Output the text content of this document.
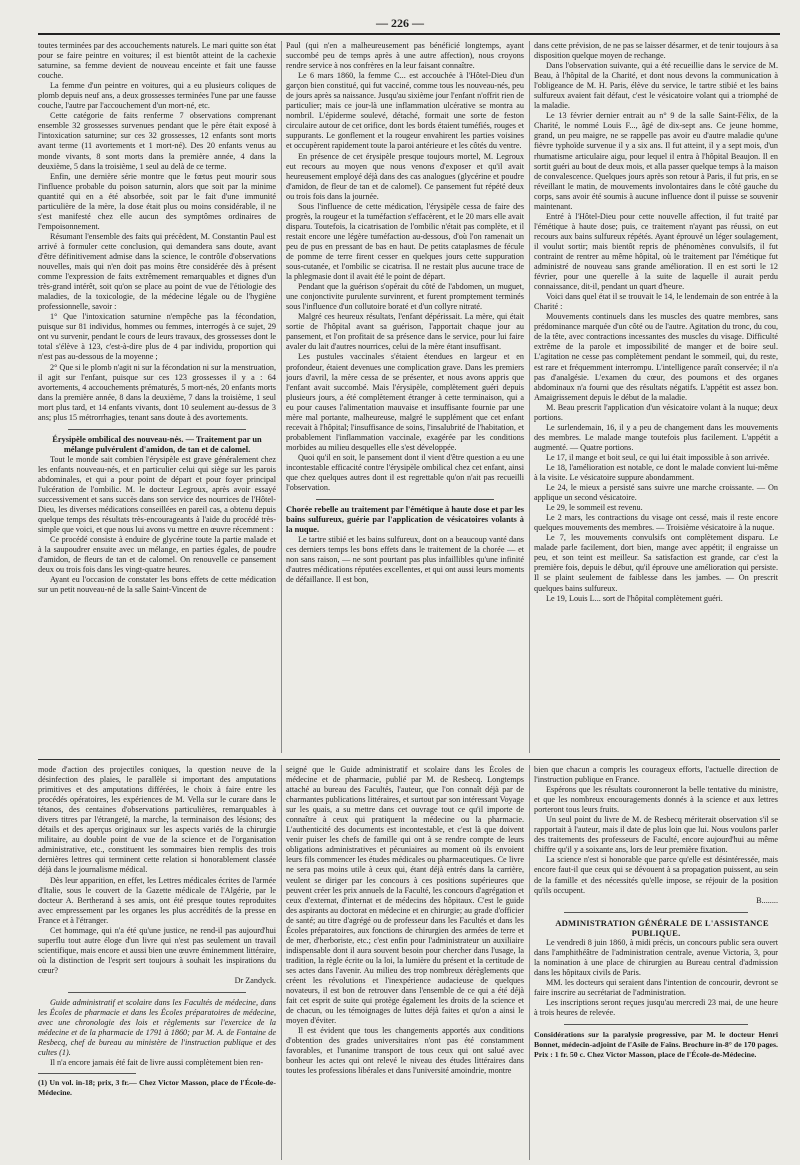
— 226 —

toutes terminées par des accouchements naturels. Le mari quitte son état pour se faire peintre en voitures; il est bientôt atteint de la cachexie saturnine, sa femme devient de nouveau enceinte et fait une fausse couche.

La femme d'un peintre en voitures, qui a eu plusieurs coliques de plomb depuis neuf ans, a deux grossesses terminées l'une par une fausse couche, l'autre par l'accouchement d'un mort-né, etc.

Cette catégorie de faits renferme 7 observations comprenant ensemble 32 grossesses survenues pendant que le père était exposé à l'intoxication saturnine; sur ces 32 grossesses, 12 enfants sont morts avant terme (11 avortements et 1 mort-né). Des 20 enfants venus au monde vivants, 8 sont morts dans la première année, 4 dans la deuxième, 5 dans la troisième, 1 seul au delà de ce terme.

Enfin, une dernière série montre que le fœtus peut mourir sous l'influence probable du poison saturnin, alors que soit par la minime quantité qui en a été absorbée, soit par le fait d'une immunité particulière de la mère, la dose était plus ou moins considérable, il ne s'est manifesté chez elle aucun des symptômes ordinaires de l'empoisonnement.

Résumant l'ensemble des faits qui précèdent, M. Constantin Paul est arrivé à formuler cette conclusion, qui demandera sans doute, avant d'être définitivement admise dans la science, le contrôle d'observations nouvelles, mais qui n'en doit pas moins être considérée dès à présent comme l'expression de faits extrêmement remarquables et dignes d'un très-grand intérêt, soit qu'on se place au point de vue de l'étiologie des maladies, de la toxicologie, de la médecine légale ou de l'hygiène professionnelle, savoir :

1° Que l'intoxication saturnine n'empêche pas la fécondation, puisque sur 81 individus, hommes ou femmes, interrogés à ce sujet, 29 ont vu survenir, pendant le cours de leurs travaux, des grossesses dont le total s'élève à 123, c'est-à-dire plus de 4 par individu, proportion qui n'est pas au-dessous de la moyenne ;

2° Que si le plomb n'agit ni sur la fécondation ni sur la menstruation, il agit sur l'enfant, puisque sur ces 123 grossesses il y a : 64 avortements, 4 accouchements prématurés, 5 mort-nés, 20 enfants morts dans la première année, 8 dans la deuxième, 7 dans la troisième, 1 seul mort plus tard, et 14 enfants vivants, dont 10 seulement au-dessus de 3 ans; plus 15 métrorrhagies, tenant sans doute à des avortements.

Érysipèle ombilical des nouveau-nés. — Traitement par un mélange pulvérulent d'amidon, de tan et de calomel.

Tout le monde sait combien l'érysipèle est grave généralement chez les enfants nouveau-nés, et en particulier celui qui siège sur les parois abdominales, et qui a pour point de départ et pour foyer principal l'ulcération de l'ombilic. M. le docteur Legroux, après avoir essayé successivement et sans succès dans son service des nourrices de l'Hôtel-Dieu, les diverses médications conseillées en pareil cas, a obtenu depuis quelque temps des résultats très-encourageants à l'aide du procédé très-simple que voici, et que nous lui avons vu mettre en œuvre récemment :

Ce procédé consiste à enduire de glycérine toute la partie malade et à la saupoudrer ensuite avec un mélange, en parties égales, de poudre d'amidon, de fleurs de tan et de calomel. On renouvelle ce pansement deux ou trois fois dans les vingt-quatre heures.

Ayant eu l'occasion de constater les bons effets de cette médication sur un petit nouveau-né de la salle Saint-Vincent de

Paul (qui n'en a malheureusement pas bénéficié longtemps, ayant succombé peu de temps après à une autre affection), nous croyons rendre service à nos confrères en la leur faisant connaître.

Le 6 mars 1860, la femme C... est accouchée à l'Hôtel-Dieu d'un garçon bien constitué, qui fut vacciné, comme tous les nouveau-nés, peu de jours après sa naissance. Jusqu'au sixième jour l'enfant n'offrit rien de particulier; mais ce jour-là une inflammation ulcérative se montra au nombril. L'épiderme soulevé, détaché, formait une sorte de feston circulaire autour de cet orifice, dont les bords étaient tuméfiés, rouges et suppurants. Le gonflement et la rougeur envahirent les parties voisines et occupèrent rapidement toute la paroi antérieure et les côtés du ventre.

En présence de cet érysipèle presque toujours mortel, M. Legroux eut recours au moyen que nous venons d'exposer et qu'il avait heureusement employé déjà dans des cas analogues (glycérine et poudre d'amidon, de fleur de tan et de calomel). Ce pansement fut répété deux ou trois fois dans la journée.

Sous l'influence de cette médication, l'érysipèle cessa de faire des progrès, la rougeur et la tuméfaction s'effacèrent, et le 20 mars elle avait disparu. Toutefois, la cicatrisation de l'ombilic n'était pas complète, et il restait encore une légère tuméfaction au-dessous, d'où l'on ramenait un peu de pus en pressant de bas en haut. De petits cataplasmes de fécule de pomme de terre firent cesser en quelques jours cette suppuration sous-cutanée, et l'ombilic se cicatrisa. Il ne restait plus aucune trace de la phlegmasie dont il avait été le point de départ.

Pendant que la guérison s'opérait du côté de l'abdomen, un muguet, une conjonctivite purulente survinrent, et furent promptement terminés sous l'influence d'un collutoire boraté et d'un collyre nitraté.

Malgré ces heureux résultats, l'enfant dépérissait. La mère, qui était sortie de l'hôpital avant sa guérison, l'apportait chaque jour au pansement, et l'on profitait de sa présence dans le service, pour lui faire avaler du lait d'autres nourrices, celui de la mère étant insuffisant.

Les pustules vaccinales s'étaient étendues en largeur et en profondeur, étaient devenues une complication grave. Dans les premiers jours d'avril, la mère cessa de se présenter, et nous avons appris que l'enfant avait succombé. Mais l'érysipèle, complètement guéri depuis plusieurs jours, a été complètement étranger à cette terminaison, qui a eu pour causes l'alimentation mauvaise et insuffisante fournie par une mère mal portante, malheureuse, malgré le supplément que cet enfant recevait à l'hôpital; l'insuffisance de soins, l'insalubrité de l'habitation, et probablement l'inflammation vaccinale, exagérée par les conditions morbides au milieu desquelles elle s'est développée.

Quoi qu'il en soit, le pansement dont il vient d'être question a eu une incontestable efficacité contre l'érysipèle ombilical chez cet enfant, ainsi que chez quelques autres dont il est regrettable qu'on n'ait pas recueilli l'observation.

Chorée rebelle au traitement par l'émétique à haute dose et par les bains sulfureux, guérie par l'application de vésicatoires volants à la nuque.

Le tartre stibié et les bains sulfureux, dont on a beaucoup vanté dans ces derniers temps les bons effets dans le traitement de la chorée — et non sans raison, — ne sont pourtant pas plus infaillibles qu'une infinité d'autres médications réputées excellentes, et qui ont aussi leurs moments de défaillance. Il est bon,

dans cette prévision, de ne pas se laisser désarmer, et de tenir toujours à sa disposition quelque moyen de rechange.

Dans l'observation suivante, qui a été recueillie dans le service de M. Beau, à l'hôpital de la Charité, et dont nous devons la communication à l'obligeance de M. H. Paris, élève du service, le tartre stibié et les bains sulfureux avaient fait défaut, c'est le vésicatoire volant qui a triomphé de la maladie.

Le 13 février dernier entrait au n° 9 de la salle Saint-Félix, de la Charité, le nommé Louis F..., âgé de dix-sept ans. Ce jeune homme, grand, un peu maigre, ne se rappelle pas avoir eu d'autre maladie qu'une fièvre typhoïde survenue il y a six ans. Il fut atteint, il y a sept mois, d'un rhumatisme articulaire aigu, pour lequel il entra à l'hôpital Beaujon. Il en sortit guéri au bout de deux mois, et alla passer quelque temps à la maison de convalescence. Quelques jours après son retour à Paris, il fut pris, en se réveillant le matin, de mouvements involontaires dans le côté gauche du corps, sans avoir été soumis à aucune influence dont il puisse se souvenir maintenant.

Entré à l'Hôtel-Dieu pour cette nouvelle affection, il fut traité par l'émétique à haute dose; puis, ce traitement n'ayant pas réussi, on eut recours aux bains sulfureux répétés. Ayant éprouvé un léger soulagement, il voulut sortir; mais bientôt repris de phénomènes convulsifs, il fut contraint de rentrer au même hôpital, où le traitement par l'émétique fut administré de nouveau sans grande amélioration. Il en est sorti le 12 février, pour une querelle à la suite de laquelle il aurait perdu connaissance, dit-il, pendant un quart d'heure.

Voici dans quel état il se trouvait le 14, le lendemain de son entrée à la Charité :

Mouvements continuels dans les muscles des quatre membres, sans prédominance marquée d'un côté ou de l'autre. Agitation du tronc, du cou, de la tête, avec contractions incessantes des muscles du visage. Difficulté extrême de la parole et impossibilité de manger et de boire seul. L'agitation ne cesse pas complètement pendant le sommeil, qui, du reste, est rare et fréquemment interrompu. L'intelligence paraît conservée; il n'a pas d'analgésie. L'examen du cœur, des poumons et des organes abdominaux n'a fourni que des résultats négatifs. L'appétit est assez bon. Amaigrissement depuis le début de la maladie.

M. Beau prescrit l'application d'un vésicatoire volant à la nuque; deux portions.

Le surlendemain, 16, il y a peu de changement dans les mouvements des membres. Le malade mange toutefois plus facilement. L'appétit a augmenté. — Quatre portions.

Le 17, il mange et boit seul, ce qui lui était impossible à son arrivée.

Le 18, l'amélioration est notable, ce dont le malade convient lui-même à la visite. Le vésicatoire suppure abondamment.

Le 24, le mieux a persisté sans suivre une marche croissante. — On applique un second vésicatoire.

Le 29, le sommeil est revenu.

Le 2 mars, les contractions du visage ont cessé, mais il reste encore quelques mouvements des membres. — Troisième vésicatoire à la nuque.

Le 7, les mouvements convulsifs ont complètement disparu. Le malade parle facilement, dort bien, mange avec appétit; il engraisse un peu, et son teint est meilleur. Sa satisfaction est grande, car c'est la première fois, depuis le début, qu'il éprouve une amélioration qui persiste. Il se plaint seulement de faiblesse dans les jambes. — On prescrit quelques bains sulfureux.

Le 19, Louis L... sort de l'hôpital complètement guéri.

mode d'action des projectiles coniques, la question neuve de la désinfection des plaies, le parallèle si important des amputations primitives et des amputations différées, le choix à faire entre les procédés opératoires, les expériences de M. Vella sur le curare dans le tétanos, des centaines d'observations particulières, remarquables à divers titres par l'étrangeté, la marche, la terminaison des lésions; des détails et des aperçus originaux sur les aspects variés de la chirurgie militaire, au double point de vue de la science et de l'organisation administrative, etc., constituent les sommaires bien remplis des trois dernières lettres qui terminent cette relation si honorablement classée déjà dans le journalisme médical.

Dès leur apparition, en effet, les Lettres médicales écrites de l'armée d'Italie, sous le couvert de la Gazette médicale de l'Algérie, par le docteur A. Bertherand à ses amis, ont été presque toutes reproduites avec empressement par les organes les plus accrédités de la presse en France et à l'étranger.

Cet hommage, qui n'a été qu'une justice, ne rend-il pas aujourd'hui superflu tout autre éloge d'un livre qui n'est pas seulement un travail scientifique, mais encore et aussi bien une œuvre éminemment littéraire, où la distinction de l'esprit sert toujours à souhait les inspirations du cœur?

Dr Zandyck.

Guide administratif et scolaire dans les Facultés de médecine, dans les Écoles de pharmacie et dans les Écoles préparatoires de médecine, avec une chronologie des lois et règlements sur l'exercice de la médecine et de la pharmacie de 1791 à 1860; par M. A. de Fontaine de Resbecq, chef de bureau au ministère de l'instruction publique et des cultes (1).

Il n'a encore jamais été fait de livre aussi complètement bien ren-

(1) Un vol. in-18; prix, 3 fr.— Chez Victor Masson, place de l'École-de-Médecine.

seigné que le Guide administratif et scolaire dans les Écoles de médecine et de pharmacie, publié par M. de Resbecq. Longtemps attaché au bureau des Facultés, l'auteur, que l'on connaît déjà par de charmantes publications littéraires, et surtout par son intéressant Voyage sur les quais, a su mettre dans cet ouvrage tout ce qu'il importe de connaître à ceux qui pratiquent la médecine ou la pharmacie. L'authenticité des documents est incontestable, et c'est là que doivent venir puiser les chefs de famille qui ont à se rendre compte de leurs obligations administratives et pécuniaires au moment où ils envoient leurs fils commencer les études médicales ou pharmaceutiques. Ce livre ne sera pas moins utile à ceux qui, étant déjà entrés dans la carrière, veulent se diriger par les concours à ces positions supérieures que peuvent créer les prix annuels de la Faculté, les concours d'agrégation et ceux d'externat, d'internat et de médecins des hôpitaux. C'est le guide des aspirants au doctorat en médecine et en chirurgie; au grade d'officier de santé; au titre d'agrégé ou de professeur dans les Facultés et dans les Écoles préparatoires, aux fonctions de chirurgien des armées de terre et de mer, d'herboriste, etc.; c'est enfin pour l'administrateur un auxiliaire indispensable dont il aura souvent besoin pour chercher dans l'usage, la tradition, la règle écrite ou la loi, la lumière du présent et la certitude de ses actes dans l'avenir. Au milieu des trop nombreux dérèglements que créent les révolutions et l'inexpérience audacieuse de quelques novateurs, il est bon de retrouver dans l'ensemble de ce qui a été déjà fait cet esprit de suite qui protège également les droits de la science et de chacun, ou les témoignages de luttes déjà faites et qu'on a ainsi le moyen d'éviter.

Il est évident que tous les changements apportés aux conditions d'obtention des grades universitaires n'ont pas été constamment favorables, et l'unanime transport de tous ceux qui ont salué avec bonheur les actes qui ont relevé le niveau des études littéraires dans toutes les professions libérales et dans l'université amoindrie, montre

bien que chacun a compris les courageux efforts, l'actuelle direction de l'instruction publique en France.

Espérons que les résultats couronneront la belle tentative du ministre, et que les nombreux encouragements donnés à la science et aux lettres porteront tous leurs fruits.

Un seul point du livre de M. de Resbecq mériterait observation s'il se rapportait à l'auteur, mais il date de plus loin que lui. Nous voulons parler des traitements des professeurs de Faculté, encore aujourd'hui au même chiffre qu'il y a soixante ans, lors de leur première fixation.

La science n'est si honorable que parce qu'elle est désintéressée, mais encore faut-il que ceux qui se dévouent à sa propagation puissent, au sein de la famille et des nécessités qu'elle impose, se réjouir de la position qu'ils occupent.

B........

ADMINISTRATION GÉNÉRALE DE L'ASSISTANCE PUBLIQUE.

Le vendredi 8 juin 1860, à midi précis, un concours public sera ouvert dans l'amphithéâtre de l'administration centrale, avenue Victoria, 3, pour la nomination à une place de chirurgien au Bureau central d'admission dans les hôpitaux civils de Paris.

MM. les docteurs qui seraient dans l'intention de concourir, devront se faire inscrire au secrétariat de l'administration.

Les inscriptions seront reçues jusqu'au mercredi 23 mai, de une heure à trois heures de relevée.

Considérations sur la paralysie progressive, par M. le docteur Henri Bonnet, médecin-adjoint de l'Asile de Faîns. Brochure in-8° de 170 pages. Prix : 1 fr. 50 c. Chez Victor Masson, place de l'École-de-Médecine.
